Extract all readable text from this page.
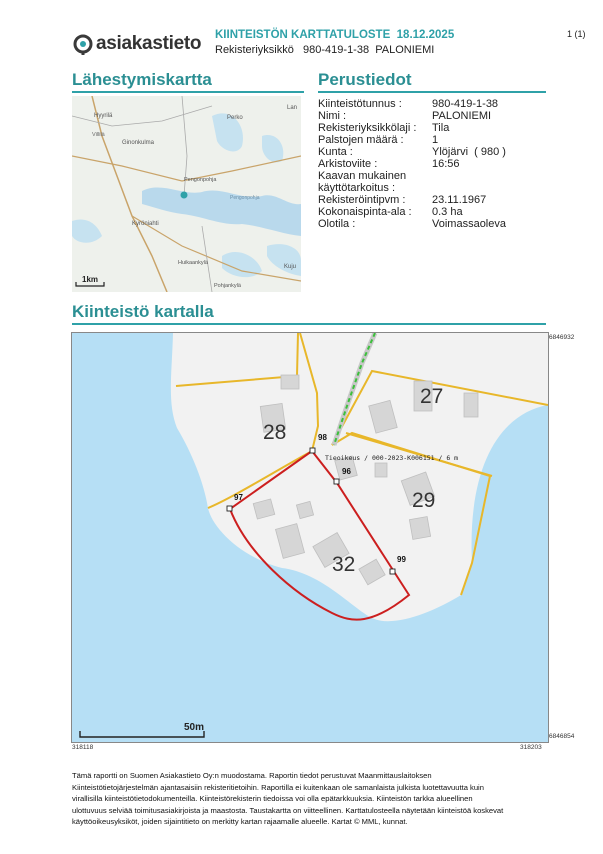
asiakastieto KIINTEISTÖN KARTTATULOSTE 18.12.2025
Rekisteriyksikkö 980-419-1-38 PALONIEMI
1 (1)
Lähestymiskartta	Perustiedot
Hyyrilä	Perko
Lan
Villilä
Ginonkulma
Pengonpohja
Pengonpohja
Kyröniahti
Huikaankylä
Pohjankylä
Kuju
1km
Kiinteistötunnus :	980-419-1-38
Nimi :	PALONIEMI
Rekisteriyksikkölaji : Tila
Palstojen määrä :	1
Kunta :	Ylöjärvi  ( 980 )
Arkistoviite :	16:56
Kaavan mukainen
käyttötarkoitus :
Rekisteröintipvm : 23.11.1967
Kokonaispinta-ala : 0.3 ha
Olotila :	Voimassaoleva
Kiinteistö kartalla
27
28
29
32
98
96
97
99
Tieoikeus / 000-2023-K006151 / 6 m
50m
6846932
6846854
318118	318203
Tämä raportti on Suomen Asiakastieto Oy:n muodostama. Raportin tiedot perustuvat Maanmittauslaitoksen
Kiinteistötietojärjestelmän ajantasaisiin rekisteritietoihin. Raportilla ei kuitenkaan ole samanlaista julkista luotettavuutta kuin
virallisilla kiinteistötietodokumenteilla. Kiinteistörekisterin tiedoissa voi olla epätarkkuuksia. Kiinteistön tarkka alueellinen
ulottuvuus selviää toimitusasiakirjoista ja maastosta. Taustakartta on viitteellinen. Karttatulosteella näytetään kiinteistöä koskevat
käyttöoikeusyksiköt, joiden sijaintitieto on merkitty kartan rajaamalle alueelle. Kartat © MML, kunnat.
